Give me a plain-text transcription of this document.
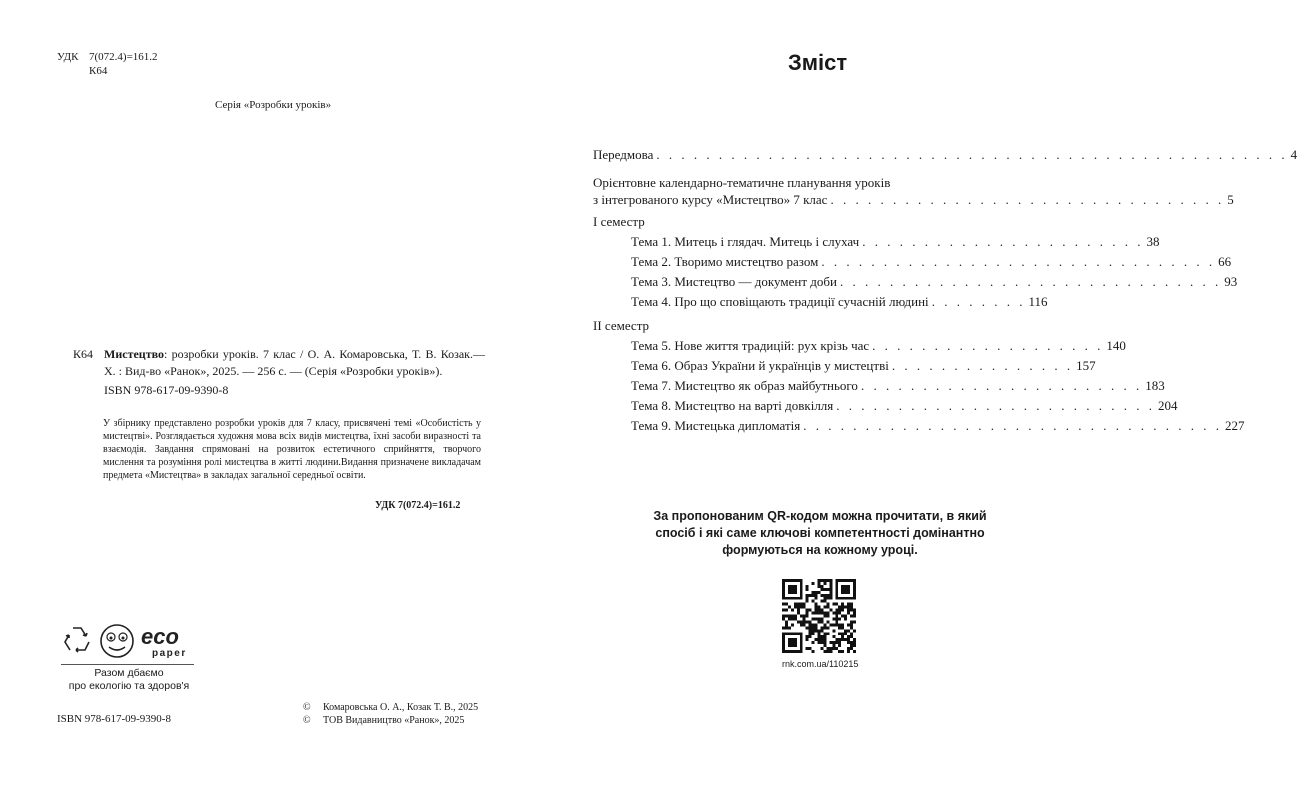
УДК 7(072.4)=161.2
К64
Серія «Розробки уроків»
К64 Мистецтво: розробки уроків. 7 клас / О. А. Комаровська, Т. В. Козак.— Х. : Вид-во «Ранок», 2025. — 256 с. — (Серія «Розробки уроків»).
ISBN 978-617-09-9390-8
У збірнику представлено розробки уроків для 7 класу, присвячені темі «Особистість у мистецтві». Розглядається художня мова всіх видів мистецтва, їхні засоби виразності та взаємодія. Завдання спрямовані на розвиток естетичного сприйняття, творчого мислення та розуміння ролі мистецтва в житті людини.Видання призначене викладачам предмета «Мистецтва» в закладах загальної середньої освіти.
УДК 7(072.4)=161.2
eco
paper
Разом дбаємо
про екологію та здоров'я
ISBN 978-617-09-9390-8
©	Комаровська О. А., Козак Т. В., 2025
©	ТОВ Видавництво «Ранок», 2025
Зміст
Передмова . . . . . . . . . . . . . . . . . . . . . . . . . . . . . . . . . . . . . . . . . . . . . . . . . . . 4
Орієнтовне календарно-тематичне планування уроків
з інтегрованого курсу «Мистецтво» 7 клас . . . . . . . . . . . . . . . . . . . . . . . . . . . . . . . . 5
I семестр
Тема 1. Митець і глядач. Митець і слухач . . . . . . . . . . . . . . . . . . . . . . . 38
Тема 2. Творимо мистецтво разом . . . . . . . . . . . . . . . . . . . . . . . . . . . . . . . . 66
Тема 3. Мистецтво — документ доби . . . . . . . . . . . . . . . . . . . . . . . . . . . . . . . 93
Тема 4. Про що сповіщають традиції сучасній людині . . . . . . . . 116
II семестр
Тема 5. Нове життя традицій: рух крізь час . . . . . . . . . . . . . . . . . . . 140
Тема 6. Образ України й українців у мистецтві . . . . . . . . . . . . . . . 157
Тема 7. Мистецтво як образ майбутнього . . . . . . . . . . . . . . . . . . . . . . . 183
Тема 8. Мистецтво на варті довкілля . . . . . . . . . . . . . . . . . . . . . . . . . . 204
Тема 9. Мистецька дипломатія . . . . . . . . . . . . . . . . . . . . . . . . . . . . . . . . . . 227
За пропонованим QR-кодом можна прочитати, в який спосіб і які саме ключові компетентності домінантно формуються на кожному уроці.
rnk.com.ua/110215
